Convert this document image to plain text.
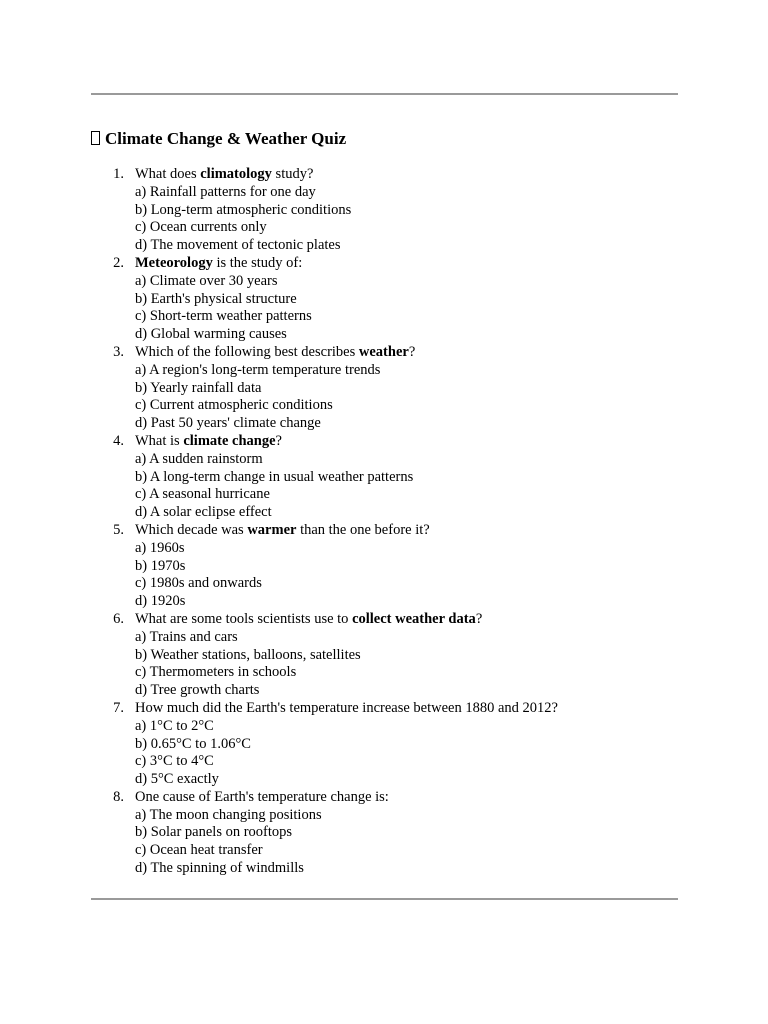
Climate Change & Weather Quiz
1. What does climatology study?
a) Rainfall patterns for one day
b) Long-term atmospheric conditions
c) Ocean currents only
d) The movement of tectonic plates
2. Meteorology is the study of:
a) Climate over 30 years
b) Earth's physical structure
c) Short-term weather patterns
d) Global warming causes
3. Which of the following best describes weather?
a) A region's long-term temperature trends
b) Yearly rainfall data
c) Current atmospheric conditions
d) Past 50 years' climate change
4. What is climate change?
a) A sudden rainstorm
b) A long-term change in usual weather patterns
c) A seasonal hurricane
d) A solar eclipse effect
5. Which decade was warmer than the one before it?
a) 1960s
b) 1970s
c) 1980s and onwards
d) 1920s
6. What are some tools scientists use to collect weather data?
a) Trains and cars
b) Weather stations, balloons, satellites
c) Thermometers in schools
d) Tree growth charts
7. How much did the Earth's temperature increase between 1880 and 2012?
a) 1°C to 2°C
b) 0.65°C to 1.06°C
c) 3°C to 4°C
d) 5°C exactly
8. One cause of Earth's temperature change is:
a) The moon changing positions
b) Solar panels on rooftops
c) Ocean heat transfer
d) The spinning of windmills
